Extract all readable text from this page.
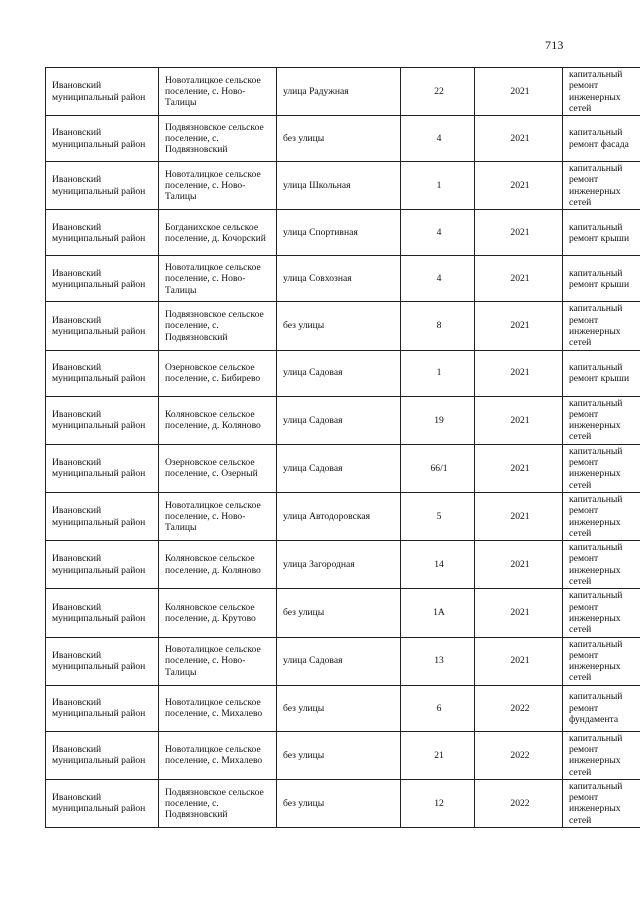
713
Ивановский муниципальный район	Новоталицкое сельское поселение, с. Ново-Талицы	улица Радужная	22	2021	капитальный ремонт инженерных сетей
Ивановский муниципальный район	Подвязновское сельское поселение, с. Подвязновский	без улицы	4	2021	капитальный ремонт фасада
Ивановский муниципальный район	Новоталицкое сельское поселение, с. Ново-Талицы	улица Школьная	1	2021	капитальный ремонт инженерных сетей
Ивановский муниципальный район	Богданихское сельское поселение, д. Кочорский	улица Спортивная	4	2021	капитальный ремонт крыши
Ивановский муниципальный район	Новоталицкое сельское поселение, с. Ново-Талицы	улица Совхозная	4	2021	капитальный ремонт крыши
Ивановский муниципальный район	Подвязновское сельское поселение, с. Подвязновский	без улицы	8	2021	капитальный ремонт инженерных сетей
Ивановский муниципальный район	Озерновское сельское поселение, с. Бибирево	улица Садовая	1	2021	капитальный ремонт крыши
Ивановский муниципальный район	Коляновское сельское поселение, д. Коляново	улица Садовая	19	2021	капитальный ремонт инженерных сетей
Ивановский муниципальный район	Озерновское сельское поселение, с. Озерный	улица Садовая	66/1	2021	капитальный ремонт инженерных сетей
Ивановский муниципальный район	Новоталицкое сельское поселение, с. Ново-Талицы	улица Автодоровская	5	2021	капитальный ремонт инженерных сетей
Ивановский муниципальный район	Коляновское сельское поселение, д. Коляново	улица Загородная	14	2021	капитальный ремонт инженерных сетей
Ивановский муниципальный район	Коляновское сельское поселение, д. Крутово	без улицы	1А	2021	капитальный ремонт инженерных сетей
Ивановский муниципальный район	Новоталицкое сельское поселение, с. Ново-Талицы	улица Садовая	13	2021	капитальный ремонт инженерных сетей
Ивановский муниципальный район	Новоталицкое сельское поселение, с. Михалево	без улицы	6	2022	капитальный ремонт фундамента
Ивановский муниципальный район	Новоталицкое сельское поселение, с. Михалево	без улицы	21	2022	капитальный ремонт инженерных сетей
Ивановский муниципальный район	Подвязновское сельское поселение, с. Подвязновский	без улицы	12	2022	капитальный ремонт инженерных сетей
